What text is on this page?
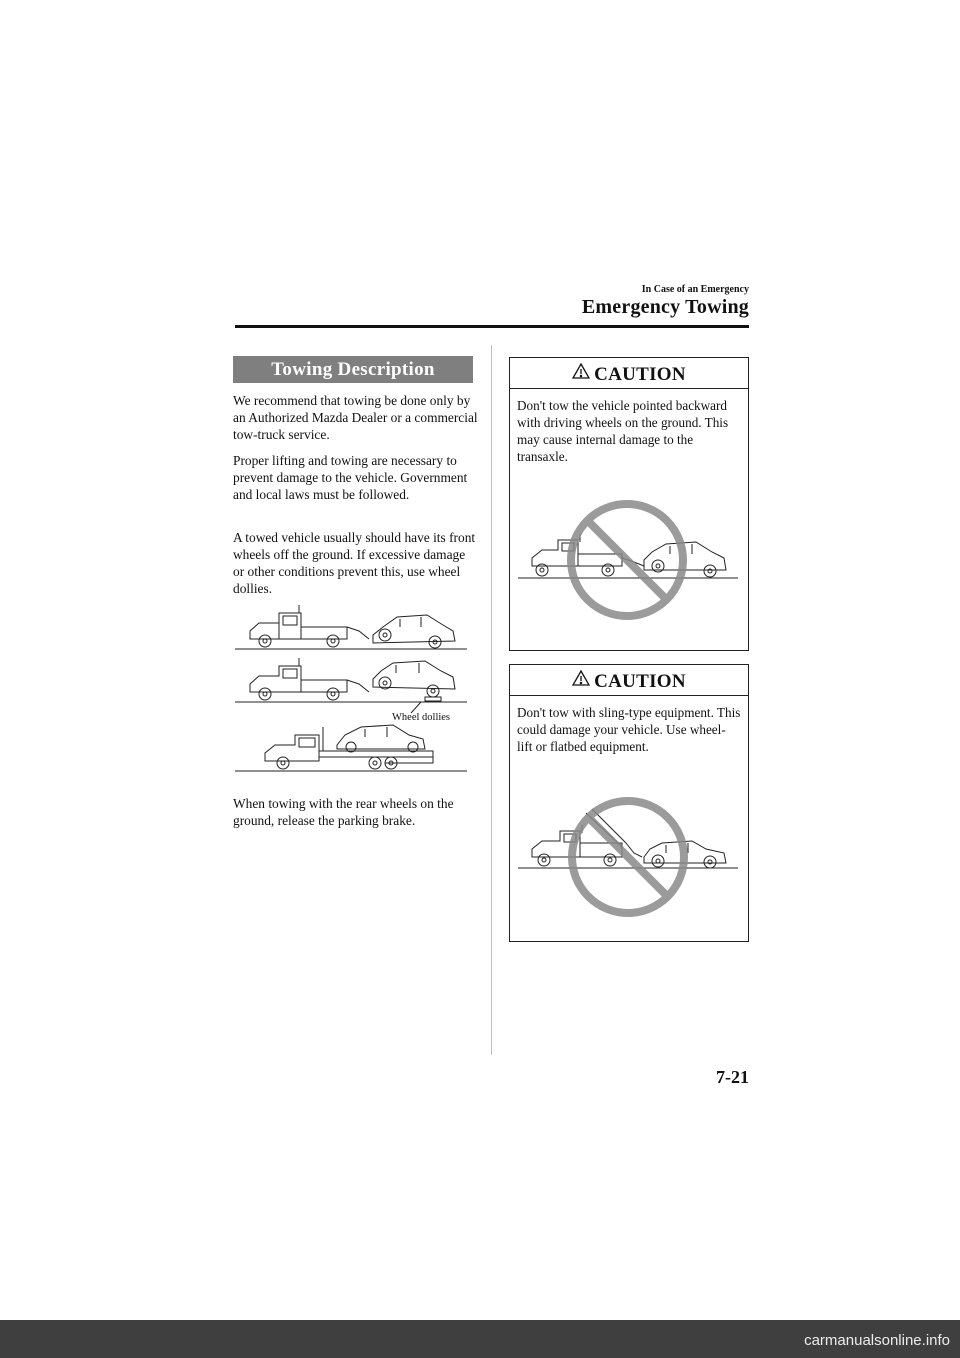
In Case of an Emergency
Emergency Towing
Towing Description
We recommend that towing be done only by an Authorized Mazda Dealer or a commercial tow-truck service.
Proper lifting and towing are necessary to prevent damage to the vehicle. Government and local laws must be followed.
A towed vehicle usually should have its front wheels off the ground. If excessive damage or other conditions prevent this, use wheel dollies.
Wheel dollies
When towing with the rear wheels on the ground, release the parking brake.
CAUTION
Don't tow the vehicle pointed backward with driving wheels on the ground. This may cause internal damage to the transaxle.
CAUTION
Don't tow with sling-type equipment. This could damage your vehicle. Use wheel-lift or flatbed equipment.
7-21
carmanualsonline.info
